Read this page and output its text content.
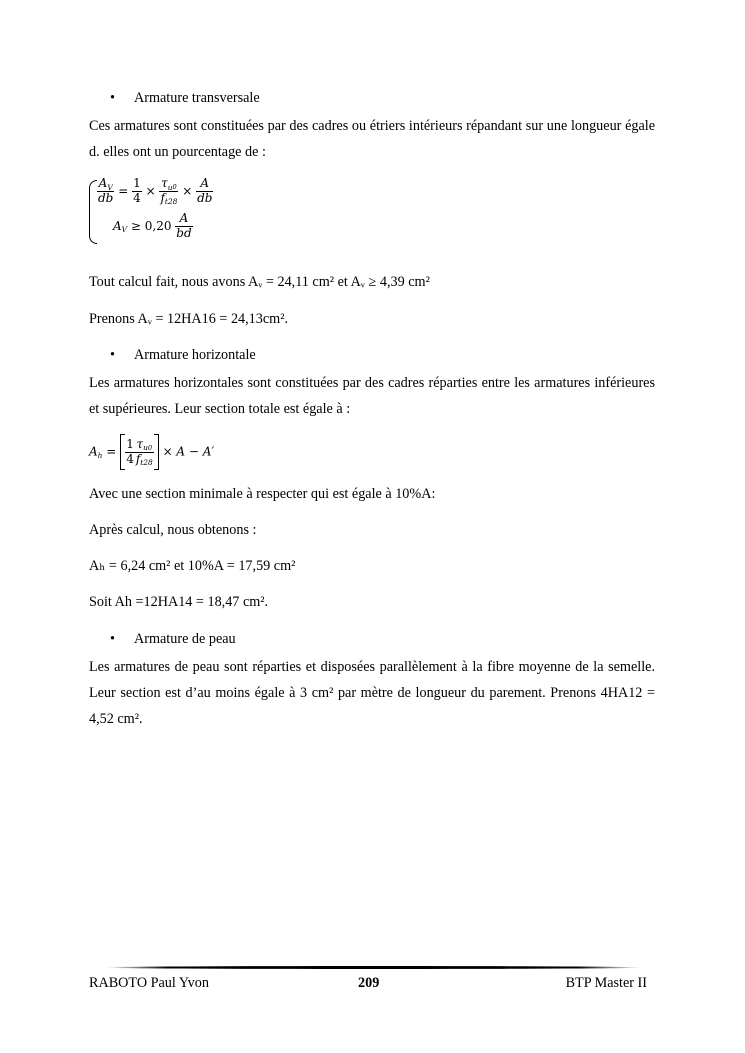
• Armature transversale
Ces armatures sont constituées par des cadres ou étriers intérieurs répandant sur une longueur égale d. elles ont un pourcentage de :
$\frac{A_V}{db} = \frac{1}{4} \times \frac{\tau_u0}{f_{t28}} \times \frac{A}{db}$
$A_V \ge 0,20 \frac{A}{bd}$
Tout calcul fait, nous avons Aᵥ = 24,11 cm² et Aᵥ ≥ 4,39 cm²
Prenons Aᵥ = 12HA16 = 24,13cm².
• Armature horizontale
Les armatures horizontales sont constituées par des cadres réparties entre les armatures inférieures et supérieures. Leur section totale est égale à :
$A_h = \frac{1}{4} \frac{\tau_u0}{f_{t28}} \times A - A'$
Avec une section minimale à respecter qui est égale à 10%A:
Après calcul, nous obtenons :
Aₕ = 6,24 cm² et 10%A = 17,59 cm²
Soit Ah =12HA14 = 18,47 cm².
• Armature de peau
Les armatures de peau sont réparties et disposées parallèlement à la fibre moyenne de la semelle. Leur section est d’au moins égale à 3 cm² par mètre de longueur du parement. Prenons 4HA12 = 4,52 cm².
RABOTO Paul Yvon	209	BTP Master II
